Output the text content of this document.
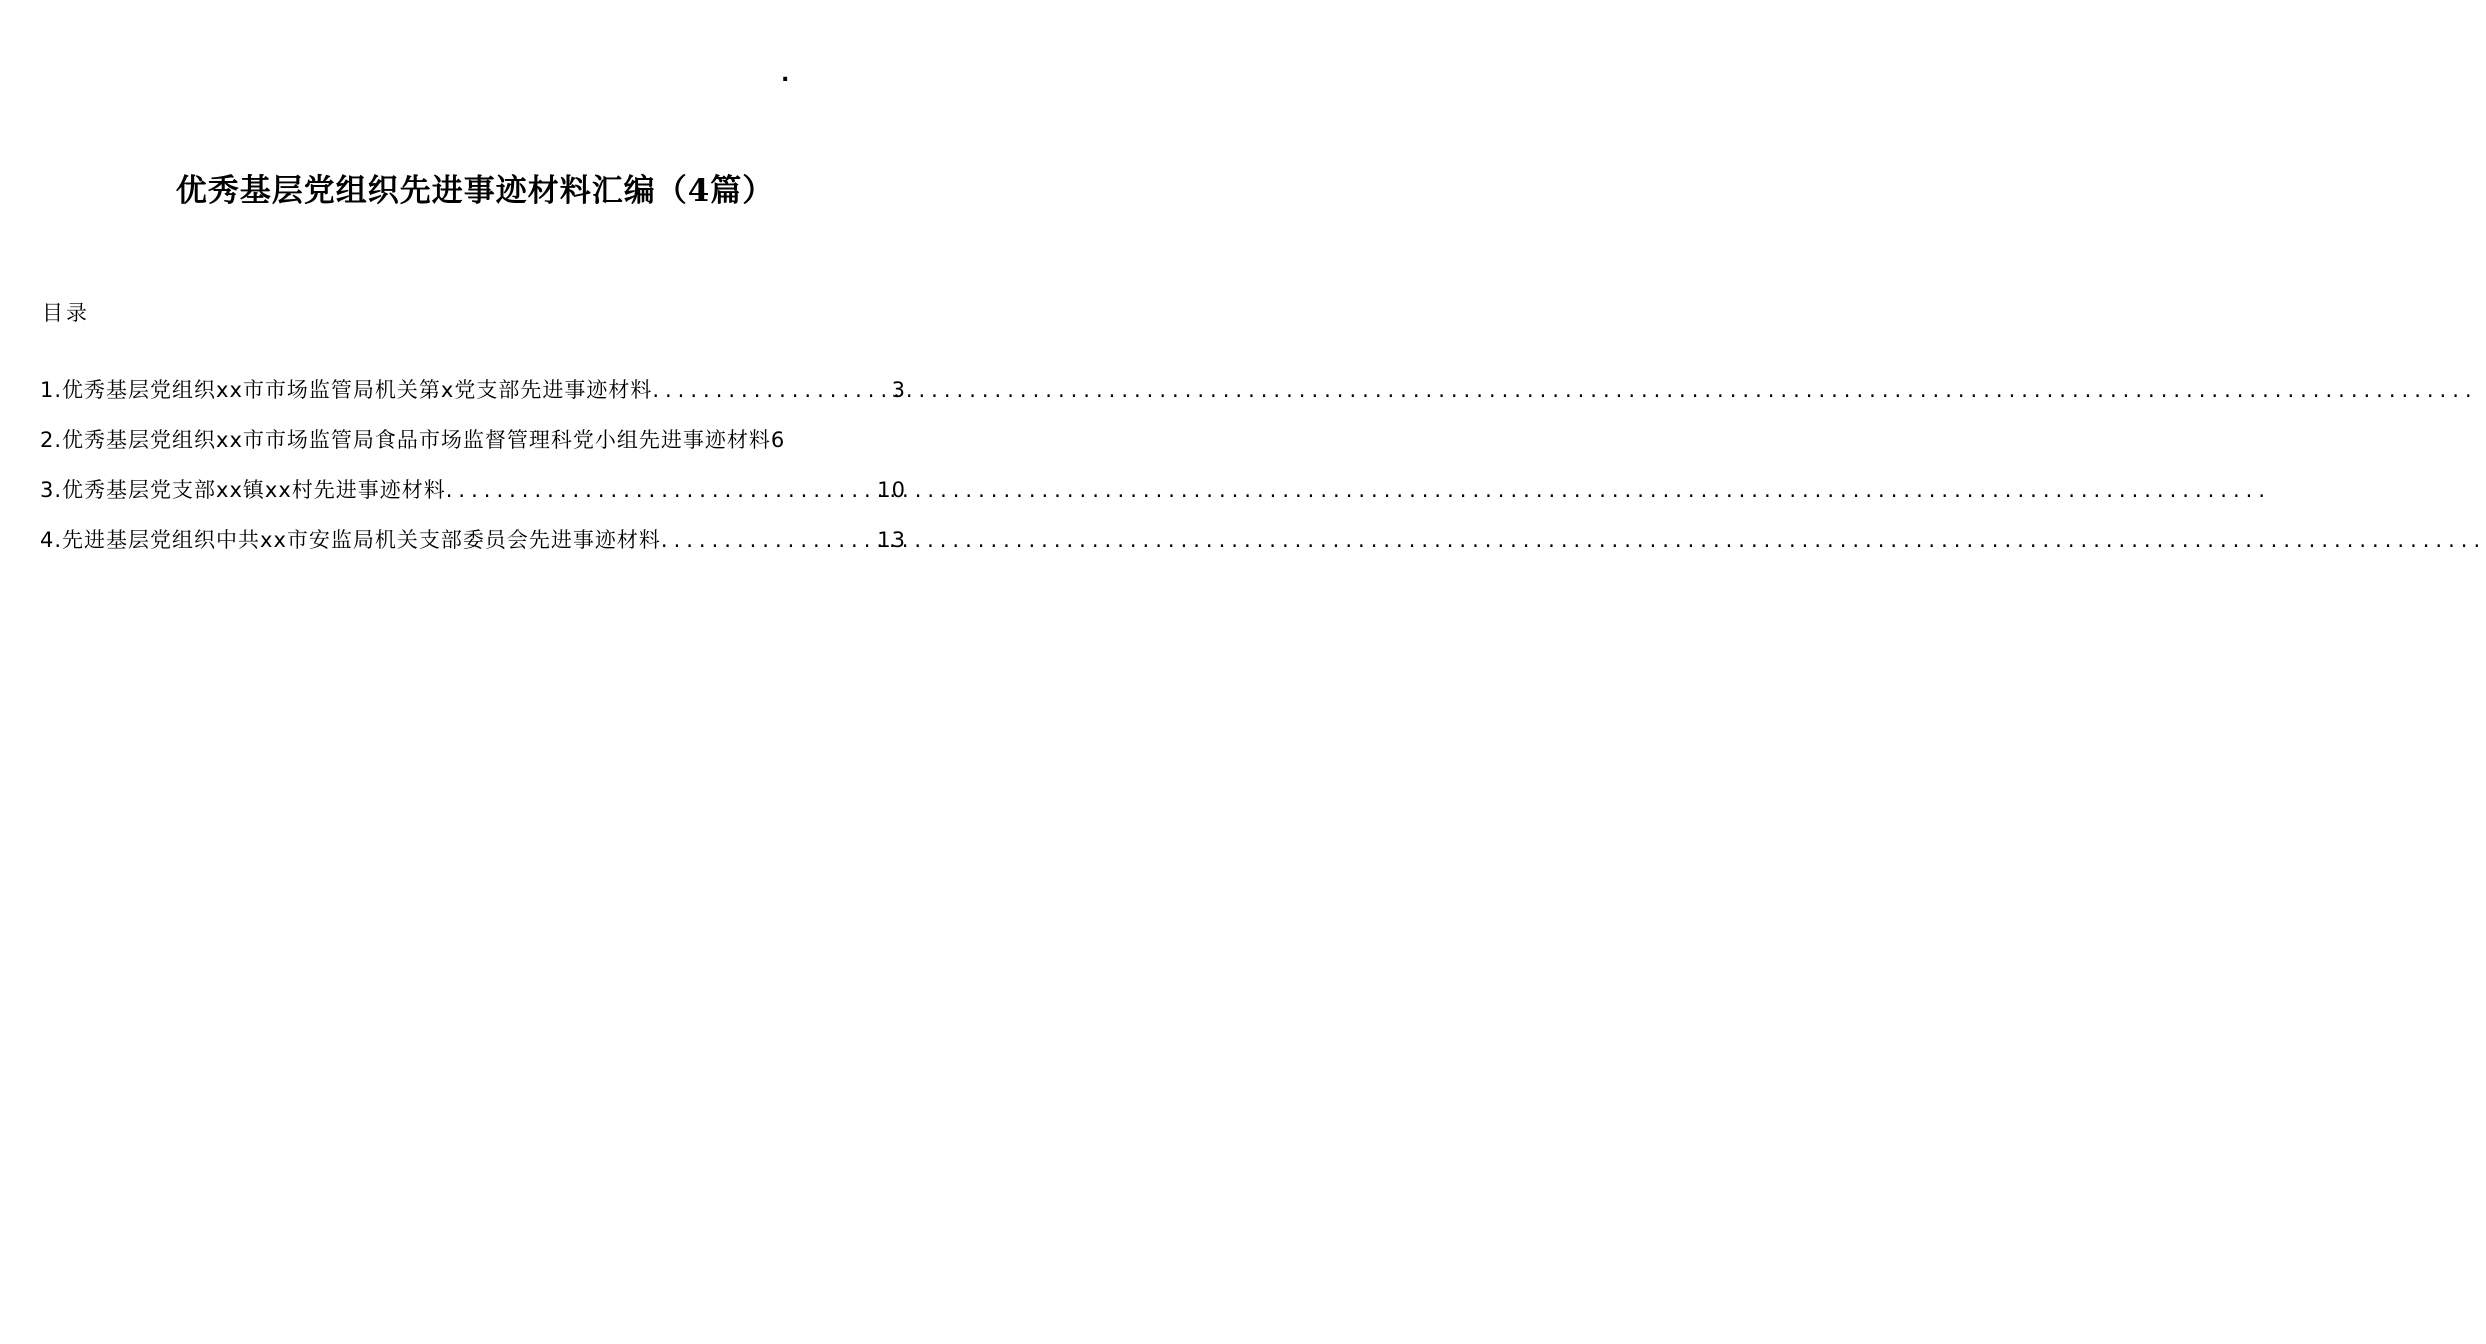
.
优秀基层党组织先进事迹材料汇编（4篇）
目录
1.优秀基层党组织xx市市场监管局机关第x党支部先进事迹材料 .....	3
2.优秀基层党组织xx市市场监管局食品市场监督管理科党小组先进事迹材料 6
3.优秀基层党支部xx镇xx村先进事迹材料 .....	10
4.先进基层党组织中共xx市安监局机关支部委员会先进事迹材料 .....	13
